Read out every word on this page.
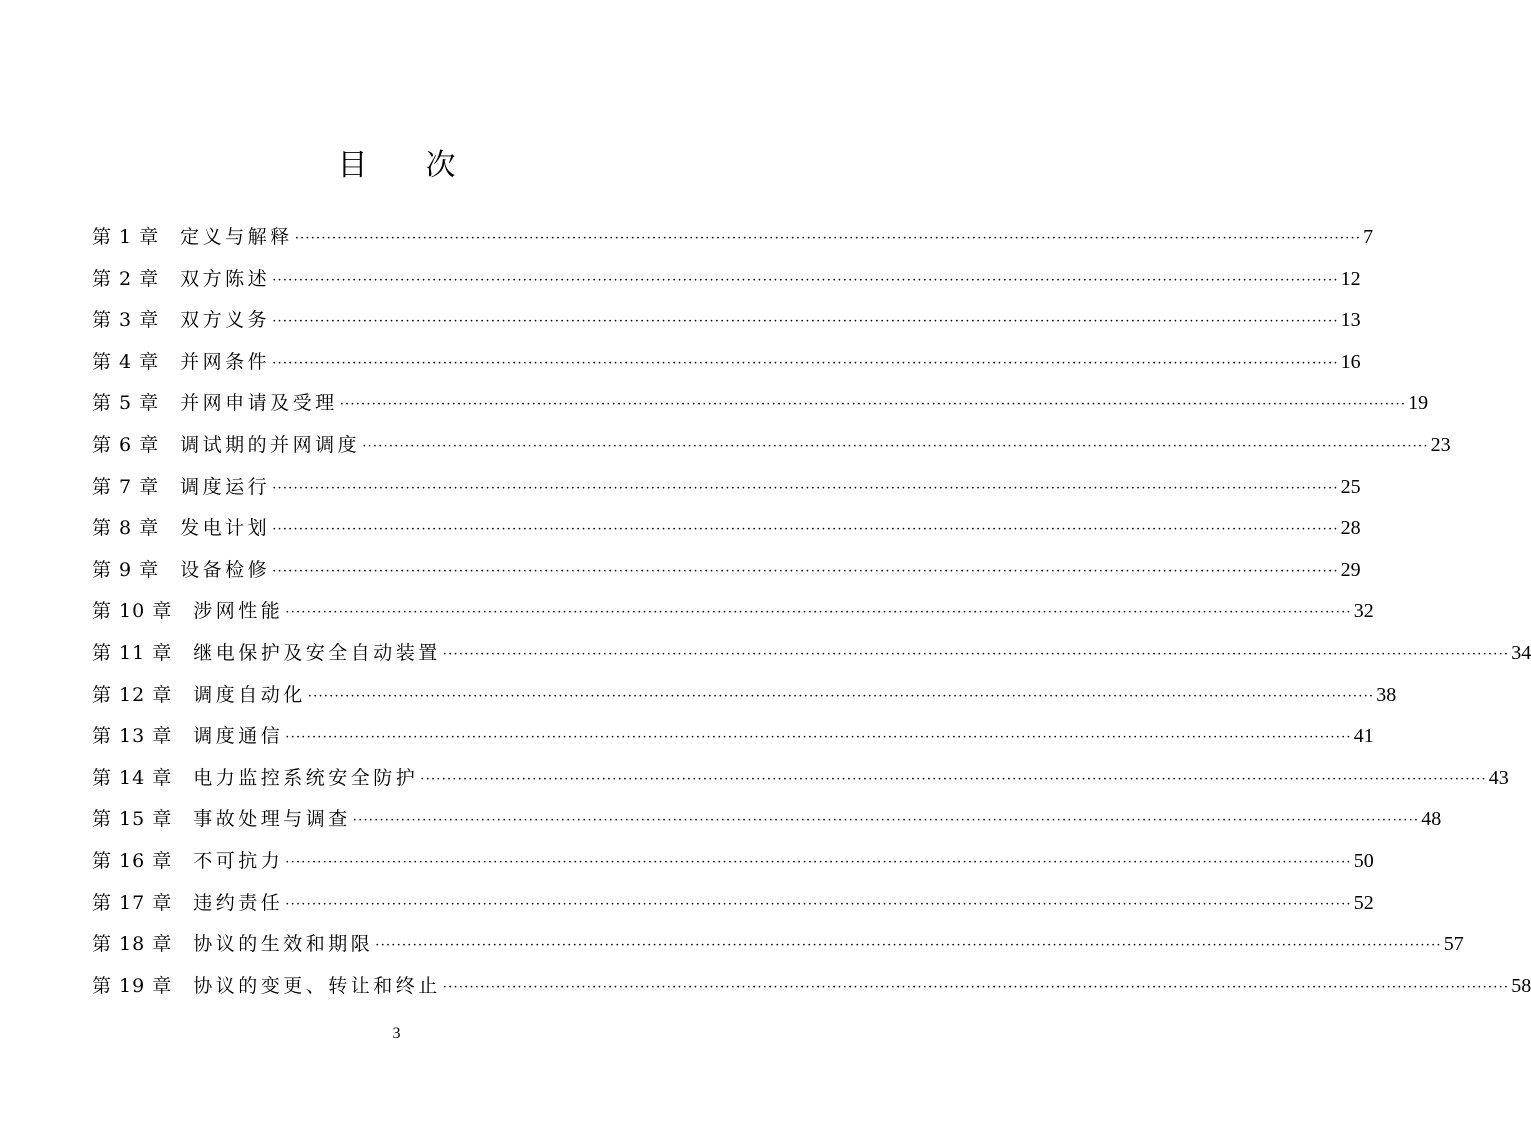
目 次
第 1 章 定义与解释 ········································································································································································································ 7
第 2 章 双方陈述 ········································································································································································································ 12
第 3 章 双方义务 ········································································································································································································ 13
第 4 章 并网条件 ········································································································································································································ 16
第 5 章 并网申请及受理 ········································································································································································································ 19
第 6 章 调试期的并网调度 ········································································································································································································ 23
第 7 章 调度运行 ········································································································································································································ 25
第 8 章 发电计划 ········································································································································································································ 28
第 9 章 设备检修 ········································································································································································································ 29
第 10 章 涉网性能 ········································································································································································································ 32
第 11 章 继电保护及安全自动装置 ········································································································································································································ 34
第 12 章 调度自动化 ········································································································································································································ 38
第 13 章 调度通信 ········································································································································································································ 41
第 14 章 电力监控系统安全防护 ········································································································································································································ 43
第 15 章 事故处理与调查 ········································································································································································································ 48
第 16 章 不可抗力 ········································································································································································································ 50
第 17 章 违约责任 ········································································································································································································ 52
第 18 章 协议的生效和期限 ········································································································································································································ 57
第 19 章 协议的变更、转让和终止 ········································································································································································································ 58
3
